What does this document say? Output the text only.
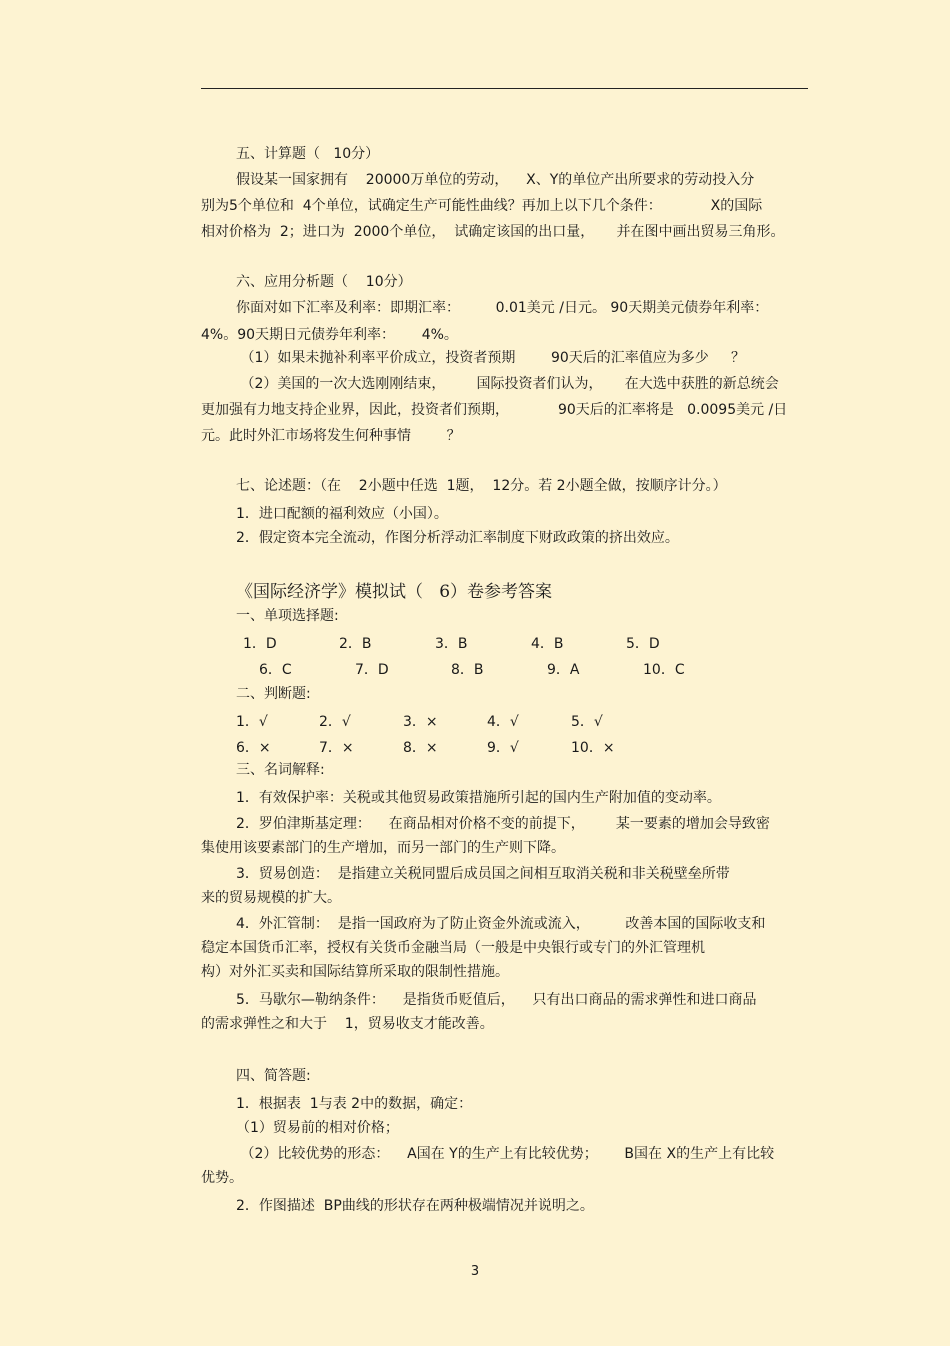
五、计算题（   10分）
假设某一国家拥有    20000万单位的劳动，    X、Y的单位产出所要求的劳动投入分
别为5个单位和  4个单位，试确定生产可能性曲线？再加上以下几个条件：           X的国际
相对价格为  2；进口为  2000个单位，  试确定该国的出口量，     并在图中画出贸易三角形。
六、应用分析题（    10分）
你面对如下汇率及利率：即期汇率：        0.01美元 /日元。 90天期美元债券年利率：
4%。90天期日元债券年利率：      4%。
（1）如果未抛补利率平价成立，投资者预期        90天后的汇率值应为多少     ？
（2）美国的一次大选刚刚结束，       国际投资者们认为，     在大选中获胜的新总统会
更加强有力地支持企业界，因此，投资者们预期，           90天后的汇率将是   0.0095美元 /日
元。此时外汇市场将发生何种事情        ？
七、论述题：（在    2小题中任选  1题，  12分。若 2小题全做，按顺序计分。）
1．进口配额的福利效应（小国）。
2．假定资本完全流动，作图分析浮动汇率制度下财政政策的挤出效应。
《国际经济学》模拟试（   6）卷参考答案
一、单项选择题:
1．D	2．B	3．B	4．B	5．D
6．C	7．D	8．B	9．A	10．C
二、判断题:
1．√	2．√	3．×	4．√	5．√
6．×	7．×	8．×	9．√	10．×
三、名词解释:
1．有效保护率：关税或其他贸易政策措施所引起的国内生产附加值的变动率。
2．罗伯津斯基定理：    在商品相对价格不变的前提下，       某一要素的增加会导致密
集使用该要素部门的生产增加，而另一部门的生产则下降。
3．贸易创造：  是指建立关税同盟后成员国之间相互取消关税和非关税壁垒所带
来的贸易规模的扩大。
4．外汇管制：  是指一国政府为了防止资金外流或流入，        改善本国的国际收支和
稳定本国货币汇率，授权有关货币金融当局（一般是中央银行或专门的外汇管理机
构）对外汇买卖和国际结算所采取的限制性措施。
5．马歇尔—勒纳条件：    是指货币贬值后，    只有出口商品的需求弹性和进口商品
的需求弹性之和大于    1，贸易收支才能改善。
四、简答题:
1．根据表  1与表 2中的数据，确定：
（1）贸易前的相对价格；
（2）比较优势的形态：    A国在 Y的生产上有比较优势；      B国在 X的生产上有比较
优势。
2．作图描述  BP曲线的形状存在两种极端情况并说明之。
3
